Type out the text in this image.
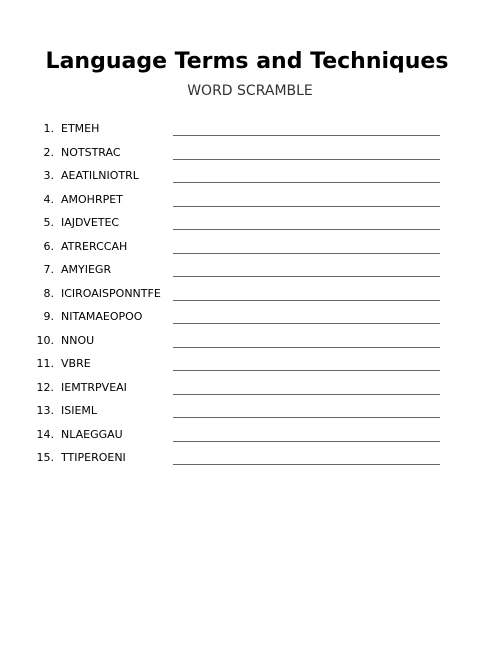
Language Terms and Techniques
WORD SCRAMBLE
1. ETMEH
2. NOTSTRAC
3. AEATILNIOTRL
4. AMOHRPET
5. IAJDVETEC
6. ATRERCCAH
7. AMYIEGR
8. ICIROAISPONNTFE
9. NITAMAEOPOO
10. NNOU
11. VBRE
12. IEMTRPVEAI
13. ISIEML
14. NLAEGGAU
15. TTIPEROENI
